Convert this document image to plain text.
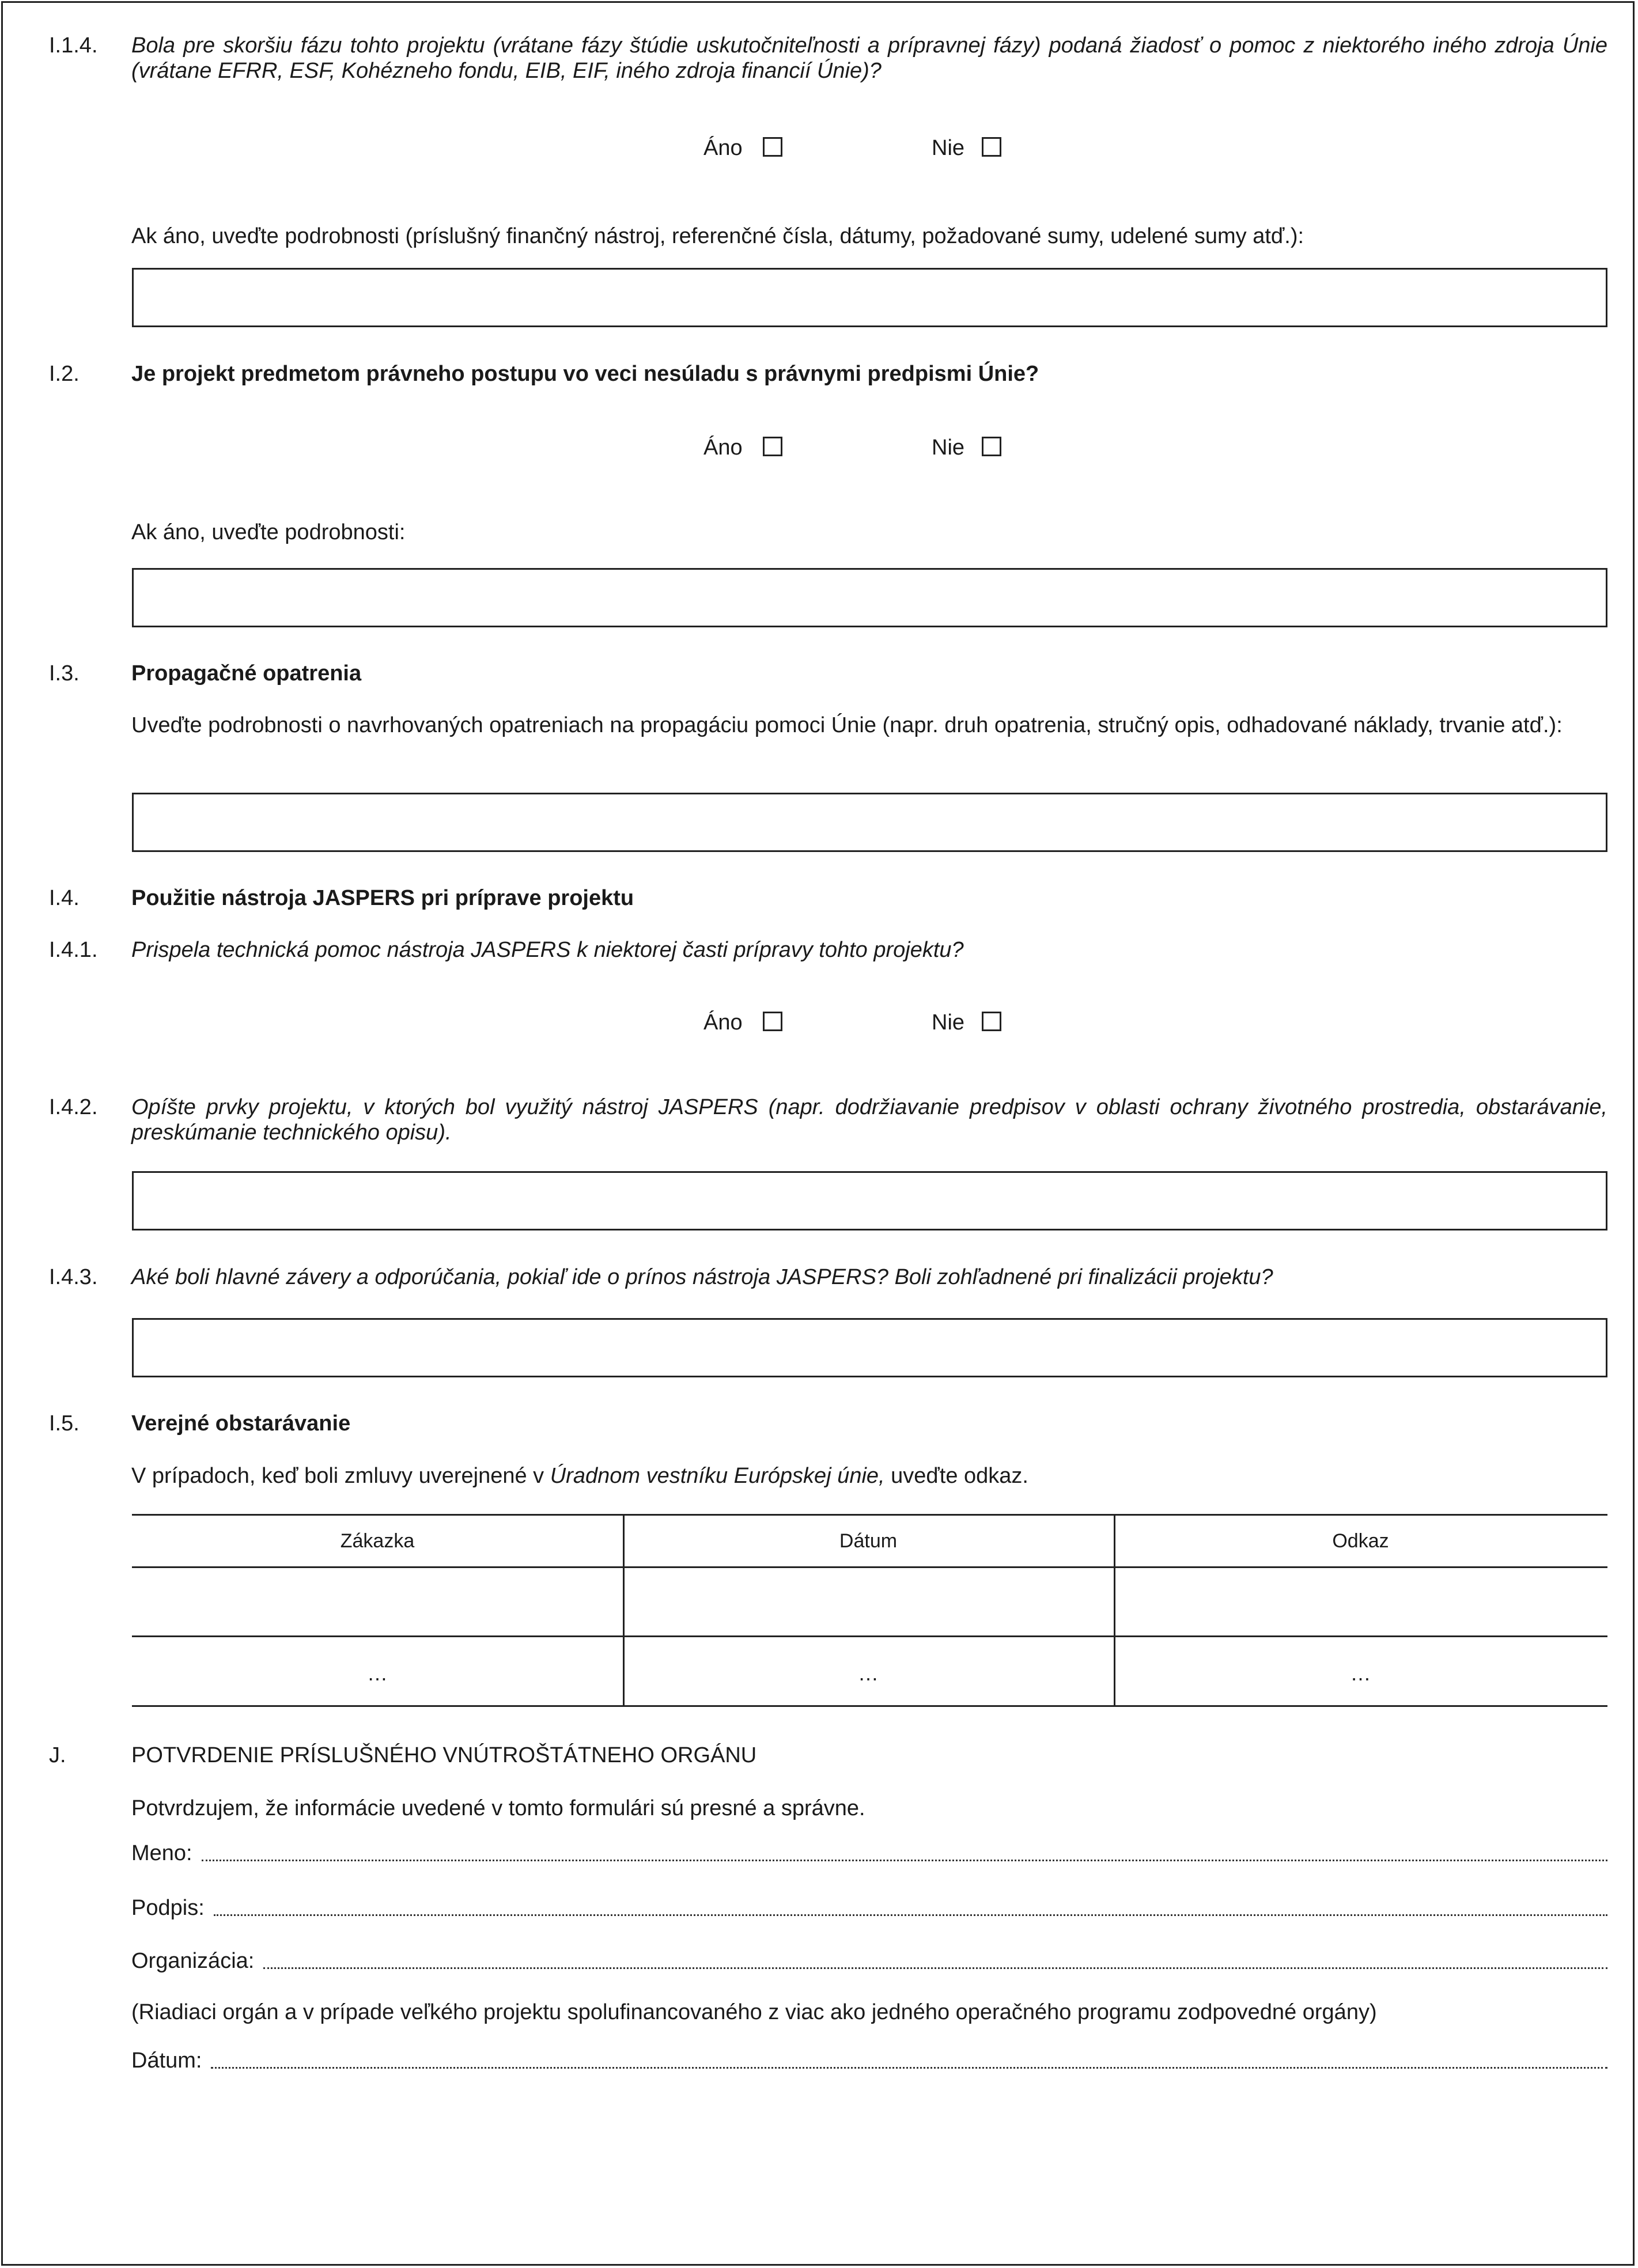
I.1.4. Bola pre skoršiu fázu tohto projektu (vrátane fázy štúdie uskutočniteľnosti a prípravnej fázy) podaná žiadosť o pomoc z niektorého iného zdroja Únie (vrátane EFRR, ESF, Kohézneho fondu, EIB, EIF, iného zdroja financií Únie)?
Áno	Nie
Ak áno, uveďte podrobnosti (príslušný finančný nástroj, referenčné čísla, dátumy, požadované sumy, udelené sumy atď.):
I.2. Je projekt predmetom právneho postupu vo veci nesúladu s právnymi predpismi Únie?
Áno	Nie
Ak áno, uveďte podrobnosti:
I.3. Propagačné opatrenia
Uveďte podrobnosti o navrhovaných opatreniach na propagáciu pomoci Únie (napr. druh opatrenia, stručný opis, odhadované náklady, trvanie atď.):
I.4. Použitie nástroja JASPERS pri príprave projektu
I.4.1. Prispela technická pomoc nástroja JASPERS k niektorej časti prípravy tohto projektu?
Áno	Nie
I.4.2. Opíšte prvky projektu, v ktorých bol využitý nástroj JASPERS (napr. dodržiavanie predpisov v oblasti ochrany životného prostredia, obstarávanie, preskúmanie technického opisu).
I.4.3. Aké boli hlavné závery a odporúčania, pokiaľ ide o prínos nástroja JASPERS? Boli zohľadnené pri finalizácii projektu?
I.5. Verejné obstarávanie
V prípadoch, keď boli zmluvy uverejnené v Úradnom vestníku Európskej únie, uveďte odkaz.
Zákazka	Dátum	Odkaz
…	…	…
J.	POTVRDENIE PRÍSLUŠNÉHO VNÚTROŠTÁTNEHO ORGÁNU
Potvrdzujem, že informácie uvedené v tomto formulári sú presné a správne.
Meno:
Podpis:
Organizácia:
(Riadiaci orgán a v prípade veľkého projektu spolufinancovaného z viac ako jedného operačného programu zodpovedné orgány)
Dátum:
